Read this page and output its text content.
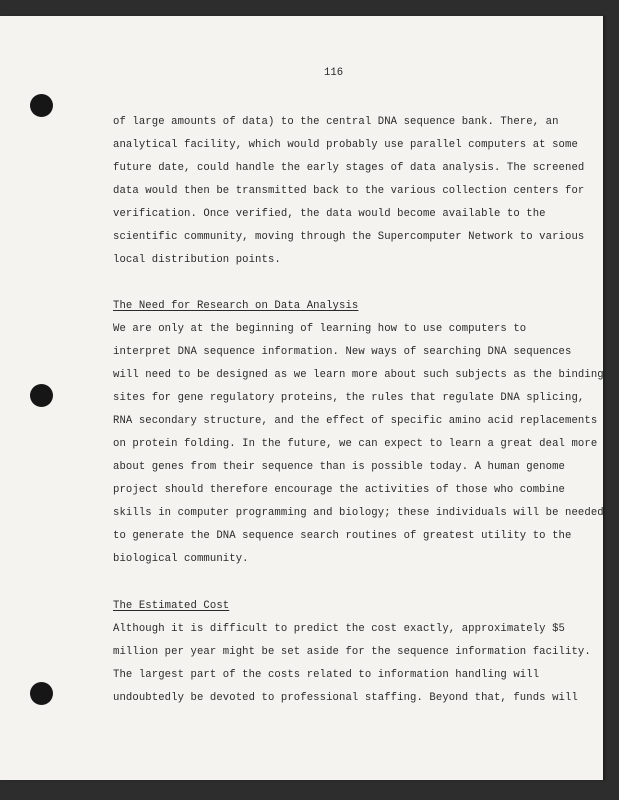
116
of large amounts of data) to the central DNA sequence bank. There, an
analytical facility, which would probably use parallel computers at some
future date, could handle the early stages of data analysis. The screened
data would then be transmitted back to the various collection centers for
verification. Once verified, the data would become available to the
scientific community, moving through the Supercomputer Network to various
local distribution points.
The Need for Research on Data Analysis
We are only at the beginning of learning how to use computers to
interpret DNA sequence information. New ways of searching DNA sequences
will need to be designed as we learn more about such subjects as the binding
sites for gene regulatory proteins, the rules that regulate DNA splicing,
RNA secondary structure, and the effect of specific amino acid replacements
on protein folding. In the future, we can expect to learn a great deal more
about genes from their sequence than is possible today. A human genome
project should therefore encourage the activities of those who combine
skills in computer programming and biology; these individuals will be needed
to generate the DNA sequence search routines of greatest utility to the
biological community.
The Estimated Cost
Although it is difficult to predict the cost exactly, approximately $5
million per year might be set aside for the sequence information facility.
The largest part of the costs related to information handling will
undoubtedly be devoted to professional staffing. Beyond that, funds will
